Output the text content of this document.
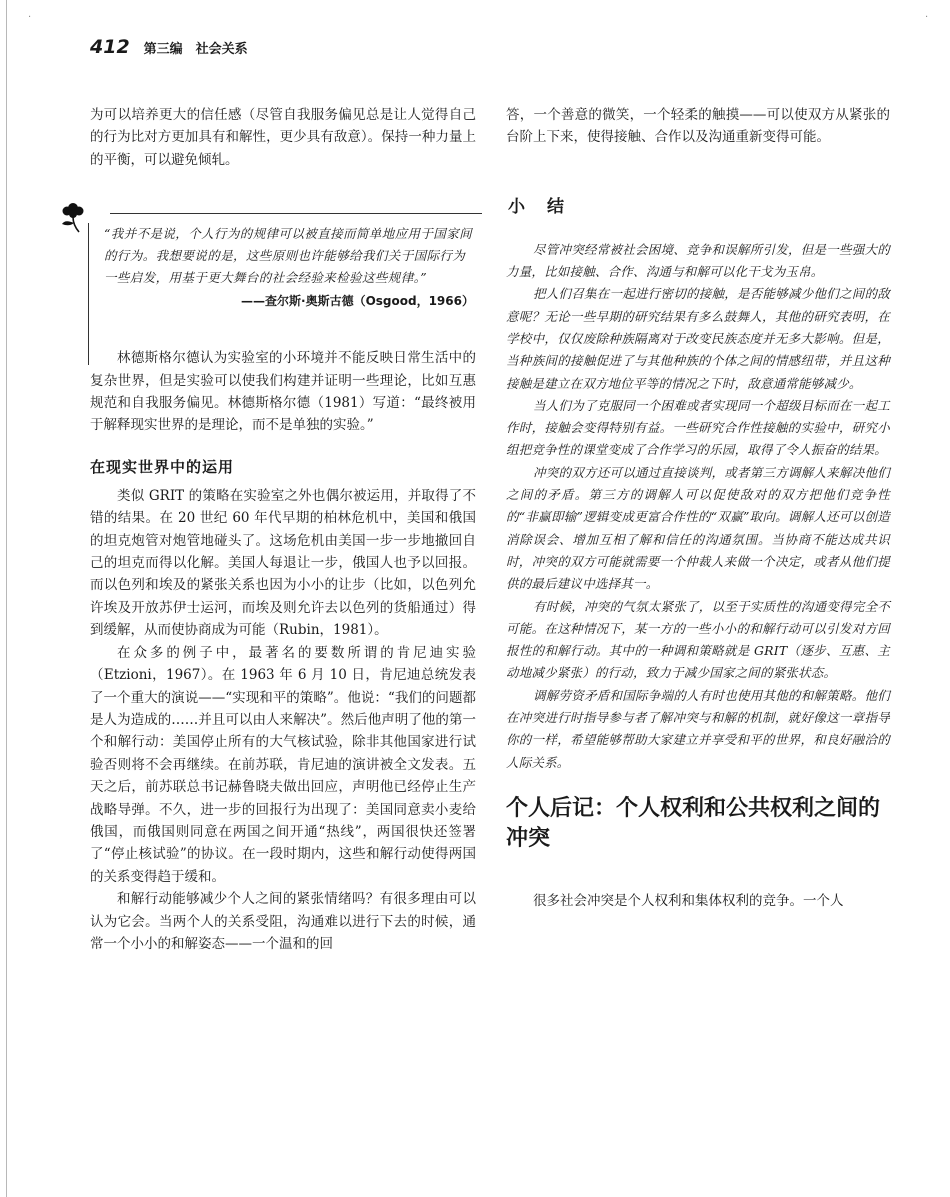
·	·
412 第三编　社会关系

为可以培养更大的信任感（尽管自我服务偏见总是让人觉得自己的行为比对方更加具有和解性，更少具有敌意）。保持一种力量上的平衡，可以避免倾轧。

“我并不是说，个人行为的规律可以被直接而简单地应用于国家间的行为。我想要说的是，这些原则也许能够给我们关于国际行为一些启发，用基于更大舞台的社会经验来检验这些规律。”

——查尔斯·奥斯古德（Osgood，1966）

林德斯格尔德认为实验室的小环境并不能反映日常生活中的复杂世界，但是实验可以使我们构建并证明一些理论，比如互惠规范和自我服务偏见。林德斯格尔德（1981）写道：“最终被用于解释现实世界的是理论，而不是单独的实验。”

在现实世界中的运用

类似 GRIT 的策略在实验室之外也偶尔被运用，并取得了不错的结果。在 20 世纪 60 年代早期的柏林危机中，美国和俄国的坦克炮管对炮管地碰头了。这场危机由美国一步一步地撤回自己的坦克而得以化解。美国人每退让一步，俄国人也予以回报。而以色列和埃及的紧张关系也因为小小的让步（比如，以色列允许埃及开放苏伊士运河，而埃及则允许去以色列的货船通过）得到缓解，从而使协商成为可能（Rubin，1981）。

在众多的例子中，最著名的要数所谓的肯尼迪实验（Etzioni，1967）。在 1963 年 6 月 10 日，肯尼迪总统发表了一个重大的演说——“实现和平的策略”。他说：“我们的问题都是人为造成的……并且可以由人来解决”。然后他声明了他的第一个和解行动：美国停止所有的大气核试验，除非其他国家进行试验否则将不会再继续。在前苏联，肯尼迪的演讲被全文发表。五天之后，前苏联总书记赫鲁晓夫做出回应，声明他已经停止生产战略导弹。不久，进一步的回报行为出现了：美国同意卖小麦给俄国，而俄国则同意在两国之间开通“热线”，两国很快还签署了“停止核试验”的协议。在一段时期内，这些和解行动使得两国的关系变得趋于缓和。

和解行动能够减少个人之间的紧张情绪吗？有很多理由可以认为它会。当两个人的关系受阻，沟通难以进行下去的时候，通常一个小小的和解姿态——一个温和的回

答，一个善意的微笑，一个轻柔的触摸——可以使双方从紧张的台阶上下来，使得接触、合作以及沟通重新变得可能。

小结

尽管冲突经常被社会困境、竞争和误解所引发，但是一些强大的力量，比如接触、合作、沟通与和解可以化干戈为玉帛。

把人们召集在一起进行密切的接触，是否能够减少他们之间的敌意呢？无论一些早期的研究结果有多么鼓舞人，其他的研究表明，在学校中，仅仅废除种族隔离对于改变民族态度并无多大影响。但是，当种族间的接触促进了与其他种族的个体之间的情感纽带，并且这种接触是建立在双方地位平等的情况之下时，敌意通常能够减少。

当人们为了克服同一个困难或者实现同一个超级目标而在一起工作时，接触会变得特别有益。一些研究合作性接触的实验中，研究小组把竞争性的课堂变成了合作学习的乐园，取得了令人振奋的结果。

冲突的双方还可以通过直接谈判，或者第三方调解人来解决他们之间的矛盾。第三方的调解人可以促使敌对的双方把他们竞争性的“非赢即输”逻辑变成更富合作性的“双赢”取向。调解人还可以创造消除误会、增加互相了解和信任的沟通氛围。当协商不能达成共识时，冲突的双方可能就需要一个仲裁人来做一个决定，或者从他们提供的最后建议中选择其一。

有时候，冲突的气氛太紧张了，以至于实质性的沟通变得完全不可能。在这种情况下，某一方的一些小小的和解行动可以引发对方回报性的和解行动。其中的一种调和策略就是 GRIT（逐步、互惠、主动地减少紧张）的行动，致力于减少国家之间的紧张状态。

调解劳资矛盾和国际争端的人有时也使用其他的和解策略。他们在冲突进行时指导参与者了解冲突与和解的机制，就好像这一章指导你的一样，希望能够帮助大家建立并享受和平的世界，和良好融洽的人际关系。

个人后记：个人权利和公共权利之间的冲突

很多社会冲突是个人权利和集体权利的竞争。一个人
